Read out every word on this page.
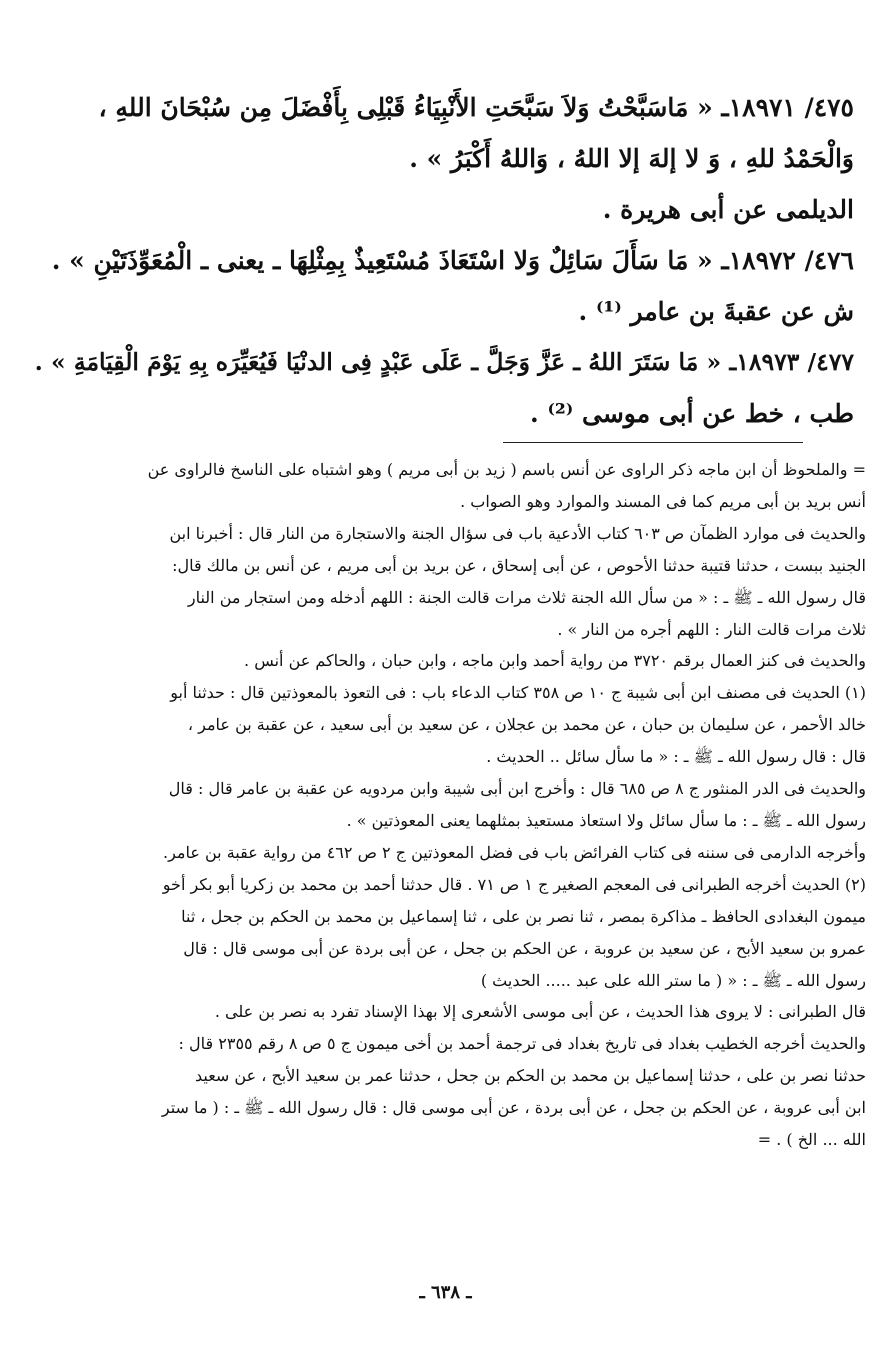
٤٧٥/ ١٨٩٧١ـ « مَاسَبَّحْتُ وَلاَ سَبَّحَتِ الأَنْبِيَاءُ قَبْلِى بِأَفْضَلَ مِن سُبْحَانَ اللهِ ،
وَالْحَمْدُ للهِ ، وَ لا إلهَ إلا اللهُ ، وَاللهُ أَكْبَرُ » .
الديلمى عن أبى هريرة .
٤٧٦/ ١٨٩٧٢ـ « مَا سَأَلَ سَائِلٌ وَلا اسْتَعَاذَ مُسْتَعِيذٌ بِمِثْلِهَا ـ يعنى ـ الْمُعَوِّذَتَيْنِ » .
ش عن عقبةَ بن عامر ⁽¹⁾ .
٤٧٧/ ١٨٩٧٣ـ « مَا سَتَرَ اللهُ ـ عَزَّ وَجَلَّ ـ عَلَى عَبْدٍ فِى الدنْيَا فَيُعَيِّرَه بِهِ يَوْمَ الْقِيَامَةِ » .
طب ، خط عن أبى موسى ⁽²⁾ .
= والملحوظ أن ابن ماجه ذكر الراوى عن أنس باسم ( زيد بن أبى مريم ) وهو اشتباه على الناسخ فالراوى عن
أنس بريد بن أبى مريم كما فى المسند والموارد وهو الصواب .
والحديث فى موارد الظمآن ص ٦٠٣ كتاب الأدعية باب فى سؤال الجنة والاستجارة من النار قال : أخبرنا ابن
الجنيد ببست ، حدثنا قتيبة حدثنا الأحوص ، عن أبى إسحاق ، عن بريد بن أبى مريم ، عن أنس بن مالك قال:
قال رسول الله ـ ﷺ ـ : « من سأل الله الجنة ثلاث مرات قالت الجنة : اللهم أدخله ومن استجار من النار
ثلاث مرات قالت النار : اللهم أجره من النار » .
والحديث فى كنز العمال برقم ٣٧٢٠ من رواية أحمد وابن ماجه ، وابن حبان ، والحاكم عن أنس .
(١) الحديث فى مصنف ابن أبى شيبة ج ١٠ ص ٣٥٨ كتاب الدعاء باب : فى التعوذ بالمعوذتين قال : حدثنا أبو
خالد الأحمر ، عن سليمان بن حبان ، عن محمد بن عجلان ، عن سعيد بن أبى سعيد ، عن عقبة بن عامر ،
قال : قال رسول الله ـ ﷺ ـ : « ما سأل سائل .. الحديث .
والحديث فى الدر المنثور ج ٨ ص ٦٨٥ قال : وأخرج ابن أبى شيبة وابن مردويه عن عقبة بن عامر قال : قال
رسول الله ـ ﷺ ـ : ما سأل سائل ولا استعاذ مستعيذ بمثلهما يعنى المعوذتين » .
وأخرجه الدارمى فى سننه فى كتاب الفرائض باب فى فضل المعوذتين ج ٢ ص ٤٦٢ من رواية عقبة بن عامر.
(٢) الحديث أخرجه الطبرانى فى المعجم الصغير ج ١ ص ٧١ . قال حدثنا أحمد بن محمد بن زكريا أبو بكر أخو
ميمون البغدادى الحافظ ـ مذاكرة بمصر ، ثنا نصر بن على ، ثنا إسماعيل بن محمد بن الحكم بن جحل ، ثنا
عمرو بن سعيد الأبح ، عن سعيد بن عروبة ، عن الحكم بن جحل ، عن أبى بردة عن أبى موسى قال : قال
رسول الله ـ ﷺ ـ : « ( ما ستر الله على عبد ..... الحديث )
قال الطبرانى : لا يروى هذا الحديث ، عن أبى موسى الأشعرى إلا بهذا الإسناد تفرد به نصر بن على .
والحديث أخرجه الخطيب بغداد فى تاريخ بغداد فى ترجمة أحمد بن أخى ميمون ج ٥ ص ٨ رقم ٢٣٥٥ قال :
حدثنا نصر بن على ، حدثنا إسماعيل بن محمد بن الحكم بن جحل ، حدثنا عمر بن سعيد الأبح ، عن سعيد
ابن أبى عروبة ، عن الحكم بن جحل ، عن أبى بردة ، عن أبى موسى قال : قال رسول الله ـ ﷺ ـ : ( ما ستر
الله ... الخ ) . =
ـ ٦٣٨ ـ
